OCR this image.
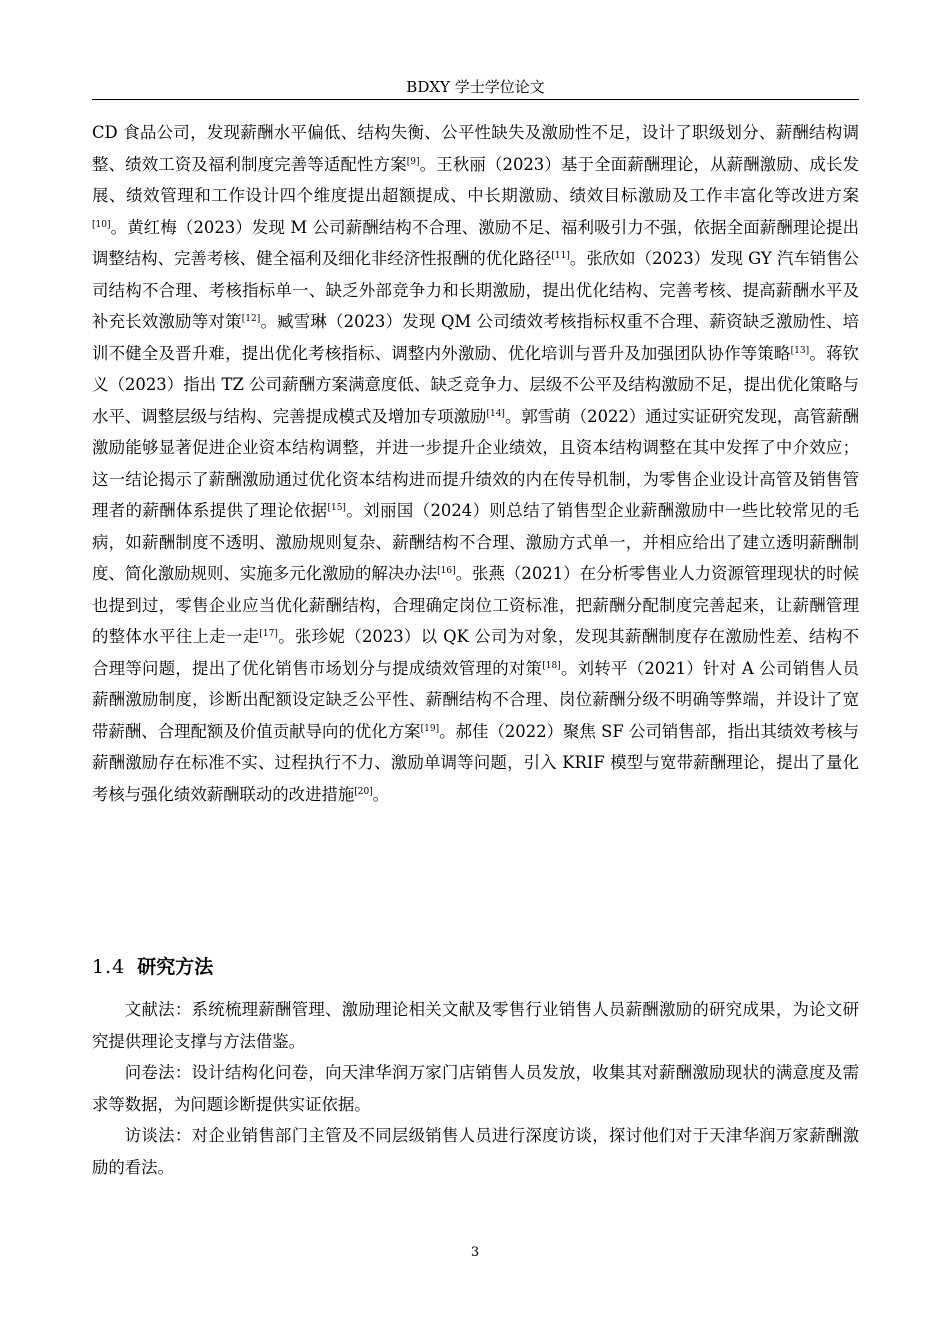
BDXY 学士学位论文

CD 食品公司，发现薪酬水平偏低、结构失衡、公平性缺失及激励性不足，设计了职级划分、薪酬结构调整、绩效工资及福利制度完善等适配性方案[9]。王秋丽（2023）基于全面薪酬理论，从薪酬激励、成长发展、绩效管理和工作设计四个维度提出超额提成、中长期激励、绩效目标激励及工作丰富化等改进方案[10]。黄红梅（2023）发现 M 公司薪酬结构不合理、激励不足、福利吸引力不强，依据全面薪酬理论提出调整结构、完善考核、健全福利及细化非经济性报酬的优化路径[11]。张欣如（2023）发现 GY 汽车销售公司结构不合理、考核指标单一、缺乏外部竞争力和长期激励，提出优化结构、完善考核、提高薪酬水平及补充长效激励等对策[12]。臧雪琳（2023）发现 QM 公司绩效考核指标权重不合理、薪资缺乏激励性、培训不健全及晋升难，提出优化考核指标、调整内外激励、优化培训与晋升及加强团队协作等策略[13]。蒋钦义（2023）指出 TZ 公司薪酬方案满意度低、缺乏竞争力、层级不公平及结构激励不足，提出优化策略与水平、调整层级与结构、完善提成模式及增加专项激励[14]。郭雪萌（2022）通过实证研究发现，高管薪酬激励能够显著促进企业资本结构调整，并进一步提升企业绩效，且资本结构调整在其中发挥了中介效应；这一结论揭示了薪酬激励通过优化资本结构进而提升绩效的内在传导机制，为零售企业设计高管及销售管理者的薪酬体系提供了理论依据[15]。刘丽国（2024）则总结了销售型企业薪酬激励中一些比较常见的毛病，如薪酬制度不透明、激励规则复杂、薪酬结构不合理、激励方式单一，并相应给出了建立透明薪酬制度、简化激励规则、实施多元化激励的解决办法[16]。张燕（2021）在分析零售业人力资源管理现状的时候也提到过，零售企业应当优化薪酬结构，合理确定岗位工资标准，把薪酬分配制度完善起来，让薪酬管理的整体水平往上走一走[17]。张珍妮（2023）以 QK 公司为对象，发现其薪酬制度存在激励性差、结构不合理等问题，提出了优化销售市场划分与提成绩效管理的对策[18]。刘转平（2021）针对 A 公司销售人员薪酬激励制度，诊断出配额设定缺乏公平性、薪酬结构不合理、岗位薪酬分级不明确等弊端，并设计了宽带薪酬、合理配额及价值贡献导向的优化方案[19]。郝佳（2022）聚焦 SF 公司销售部，指出其绩效考核与薪酬激励存在标准不实、过程执行不力、激励单调等问题，引入 KRIF 模型与宽带薪酬理论，提出了量化考核与强化绩效薪酬联动的改进措施[20]。

1.4 研究方法

文献法：系统梳理薪酬管理、激励理论相关文献及零售行业销售人员薪酬激励的研究成果，为论文研究提供理论支撑与方法借鉴。

问卷法：设计结构化问卷，向天津华润万家门店销售人员发放，收集其对薪酬激励现状的满意度及需求等数据，为问题诊断提供实证依据。

访谈法：对企业销售部门主管及不同层级销售人员进行深度访谈，探讨他们对于天津华润万家薪酬激励的看法。

3
